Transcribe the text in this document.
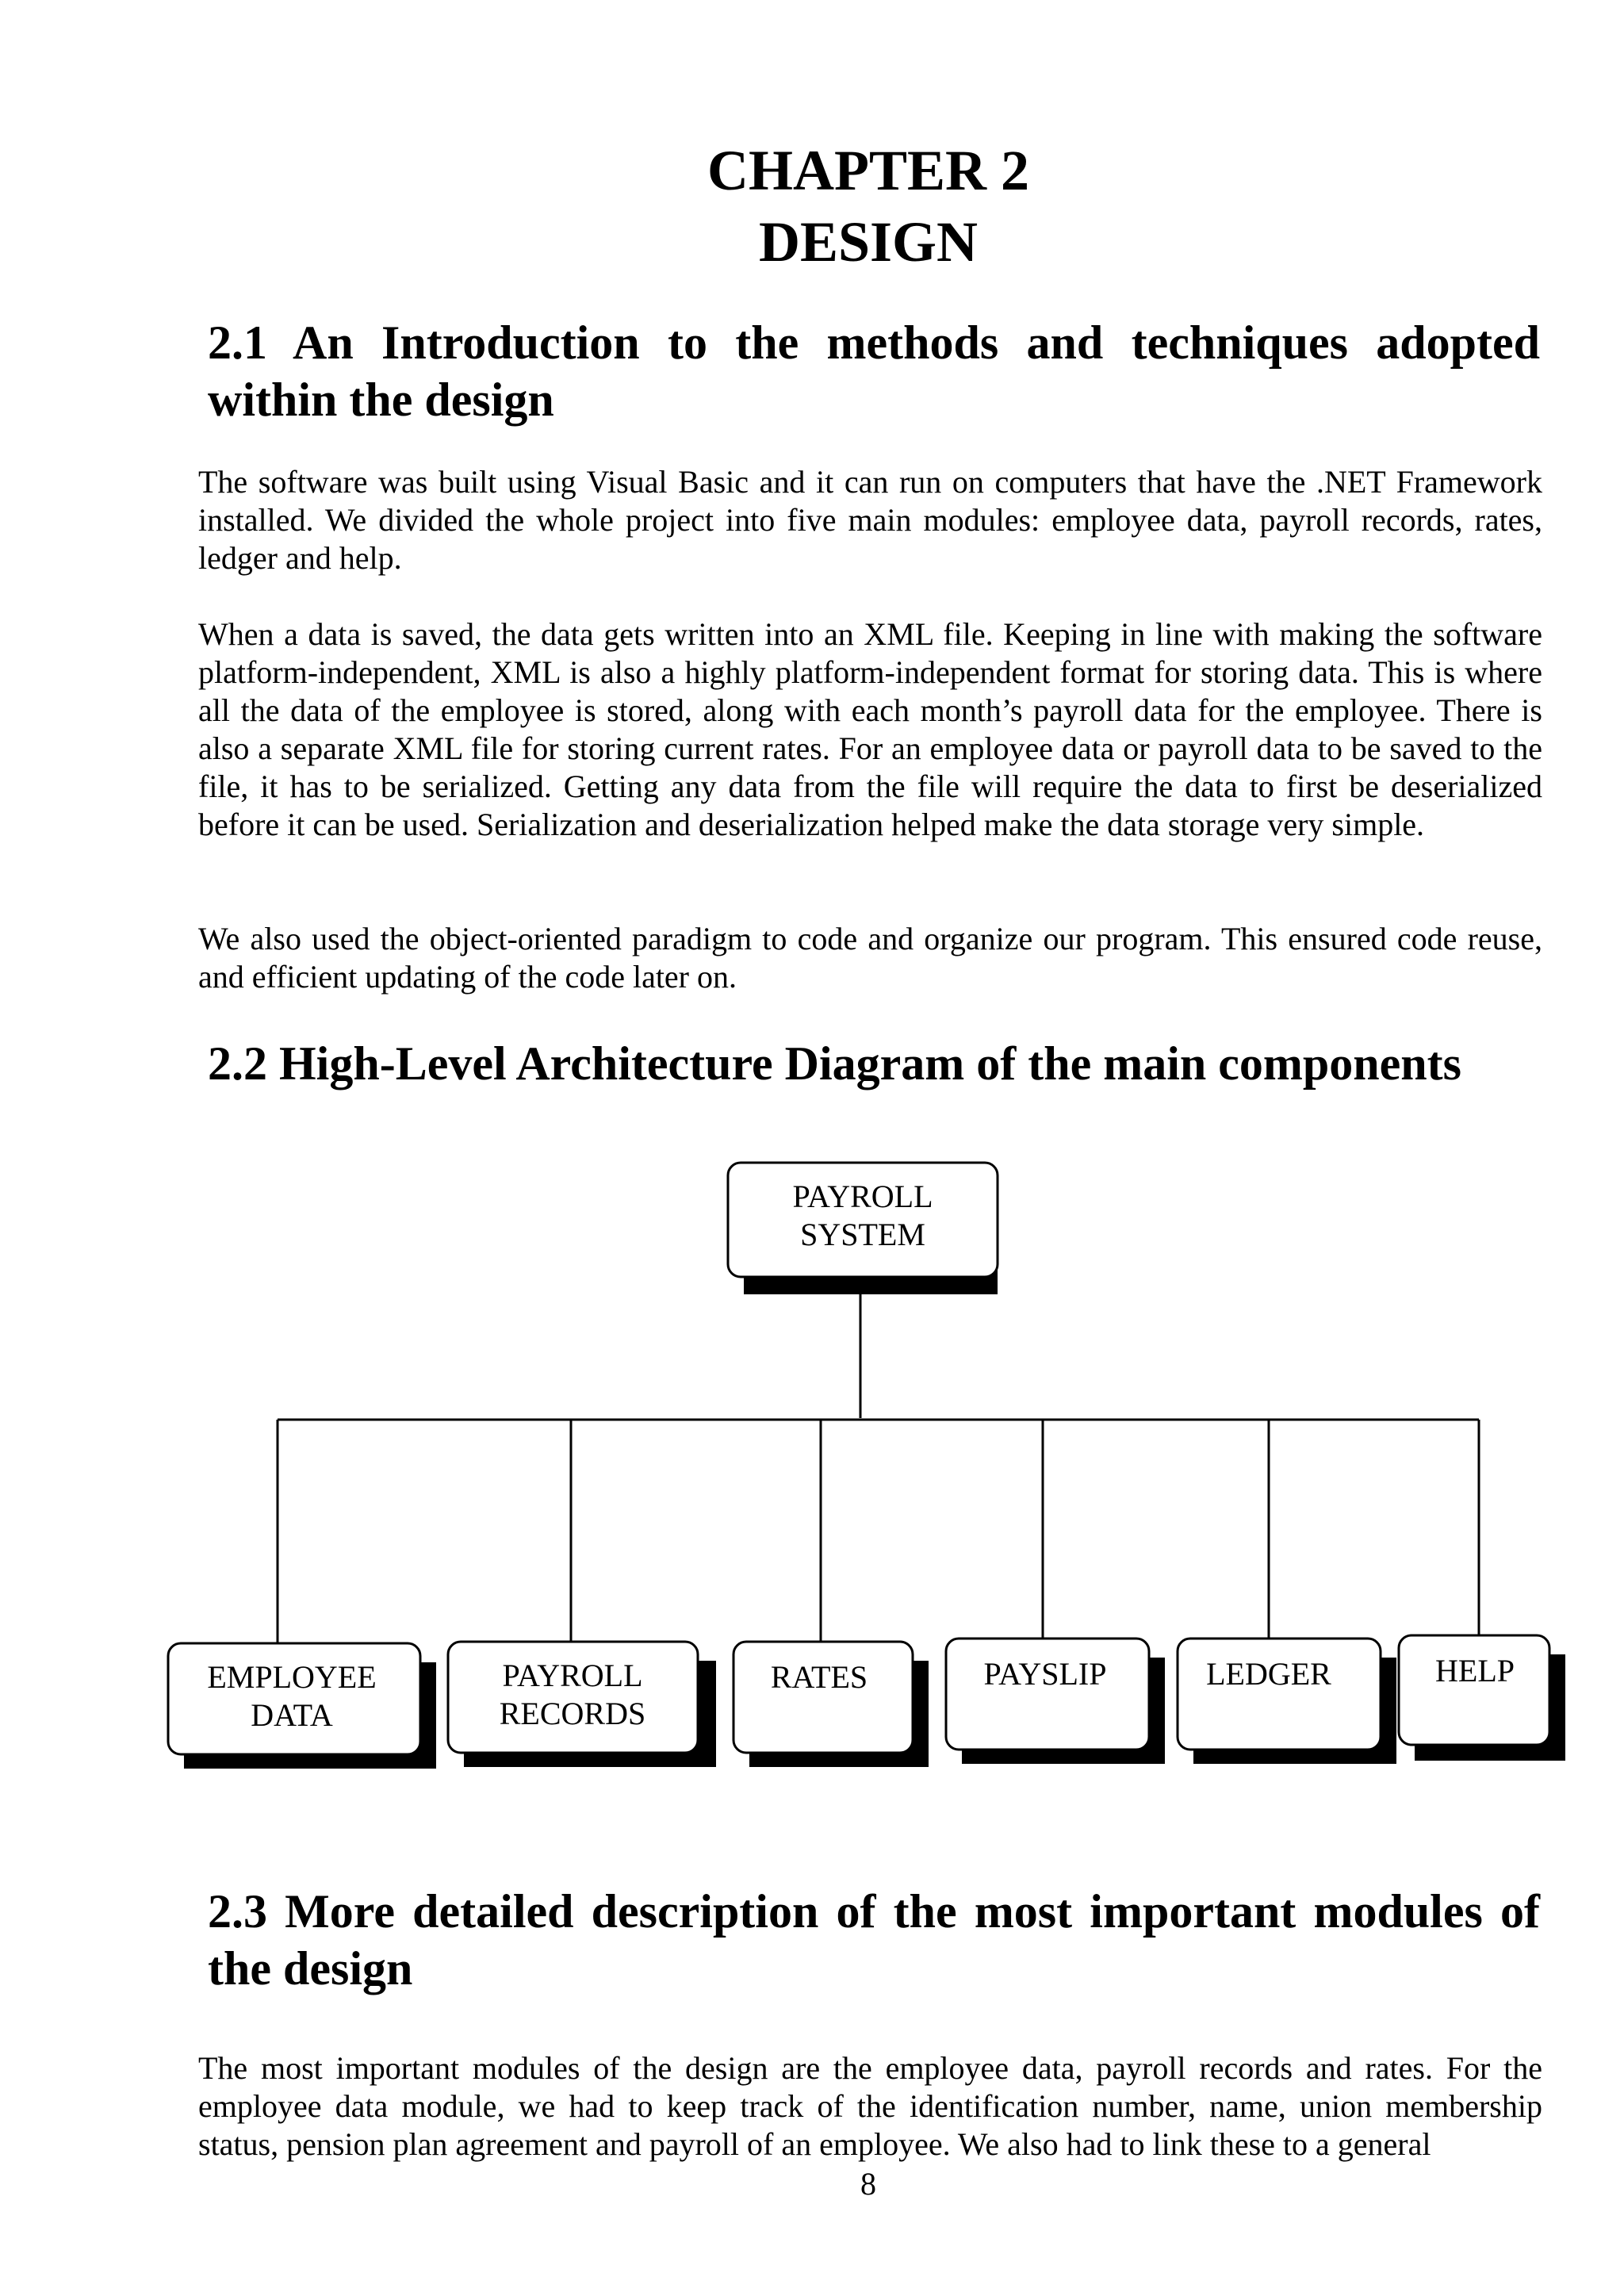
CHAPTER 2
DESIGN
2.1 An Introduction to the methods and techniques adopted within the design

The software was built using Visual Basic and it can run on computers that have the .NET Framework installed. We divided the whole project into five main modules: employee data, payroll records, rates, ledger and help.

When a data is saved, the data gets written into an XML file. Keeping in line with making the software platform-independent, XML is also a highly platform-independent format for storing data. This is where all the data of the employee is stored, along with each month’s payroll data for the employee. There is also a separate XML file for storing current rates. For an employee data or payroll data to be saved to the file, it has to be serialized. Getting any data from the file will require the data to first be deserialized before it can be used. Serialization and deserialization helped make the data storage very simple.

We also used the object-oriented paradigm to code and organize our program. This ensured code reuse, and efficient updating of the code later on.

2.2 High-Level Architecture Diagram of the main components
PAYROLL
SYSTEM
EMPLOYEE
DATA
PAYROLL
RECORDS
RATES	PAYSLIP	LEDGER	HELP
2.3 More detailed description of the most important modules of the design

The most important modules of the design are the employee data, payroll records and rates. For the employee data module, we had to keep track of the identification number, name, union membership status, pension plan agreement and payroll of an employee. We also had to link these to a general

8
